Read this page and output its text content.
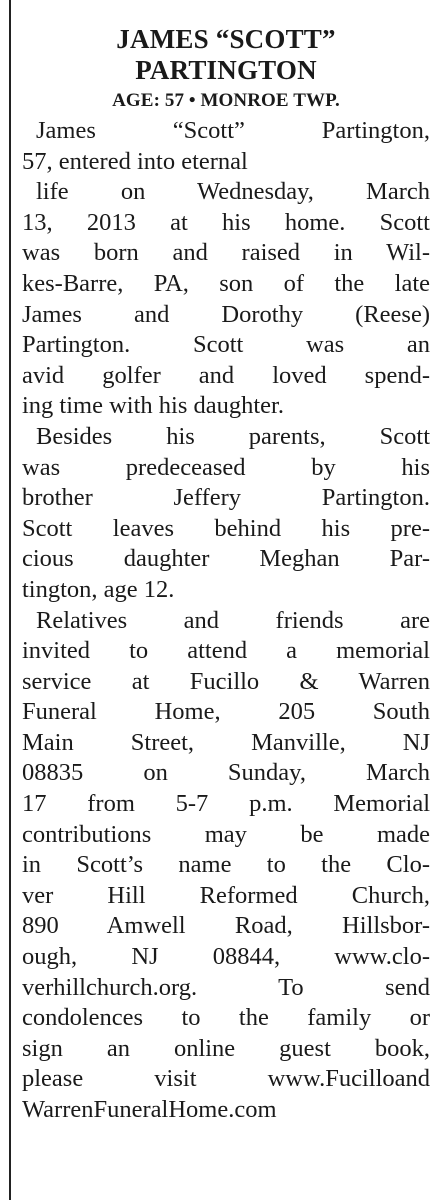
JAMES “SCOTT”
PARTINGTON
AGE: 57 • MONROE TWP.
James “Scott” Partington,
57, entered into eternal
life on Wednesday, March
13, 2013 at his home. Scott
was born and raised in Wil-
kes-Barre, PA, son of the late
James and Dorothy (Reese)
Partington. Scott was an
avid golfer and loved spend-
ing time with his daughter.
Besides his parents, Scott
was predeceased by his
brother Jeffery Partington.
Scott leaves behind his pre-
cious daughter Meghan Par-
tington, age 12.
Relatives and friends are
invited to attend a memorial
service at Fucillo & Warren
Funeral Home, 205 South
Main Street, Manville, NJ
08835 on Sunday, March
17 from 5-7 p.m. Memorial
contributions may be made
in Scott’s name to the Clo-
ver Hill Reformed Church,
890 Amwell Road, Hillsbor-
ough, NJ 08844, www.clo-
verhillchurch.org. To send
condolences to the family or
sign an online guest book,
please visit www.Fucilloand
WarrenFuneralHome.com
